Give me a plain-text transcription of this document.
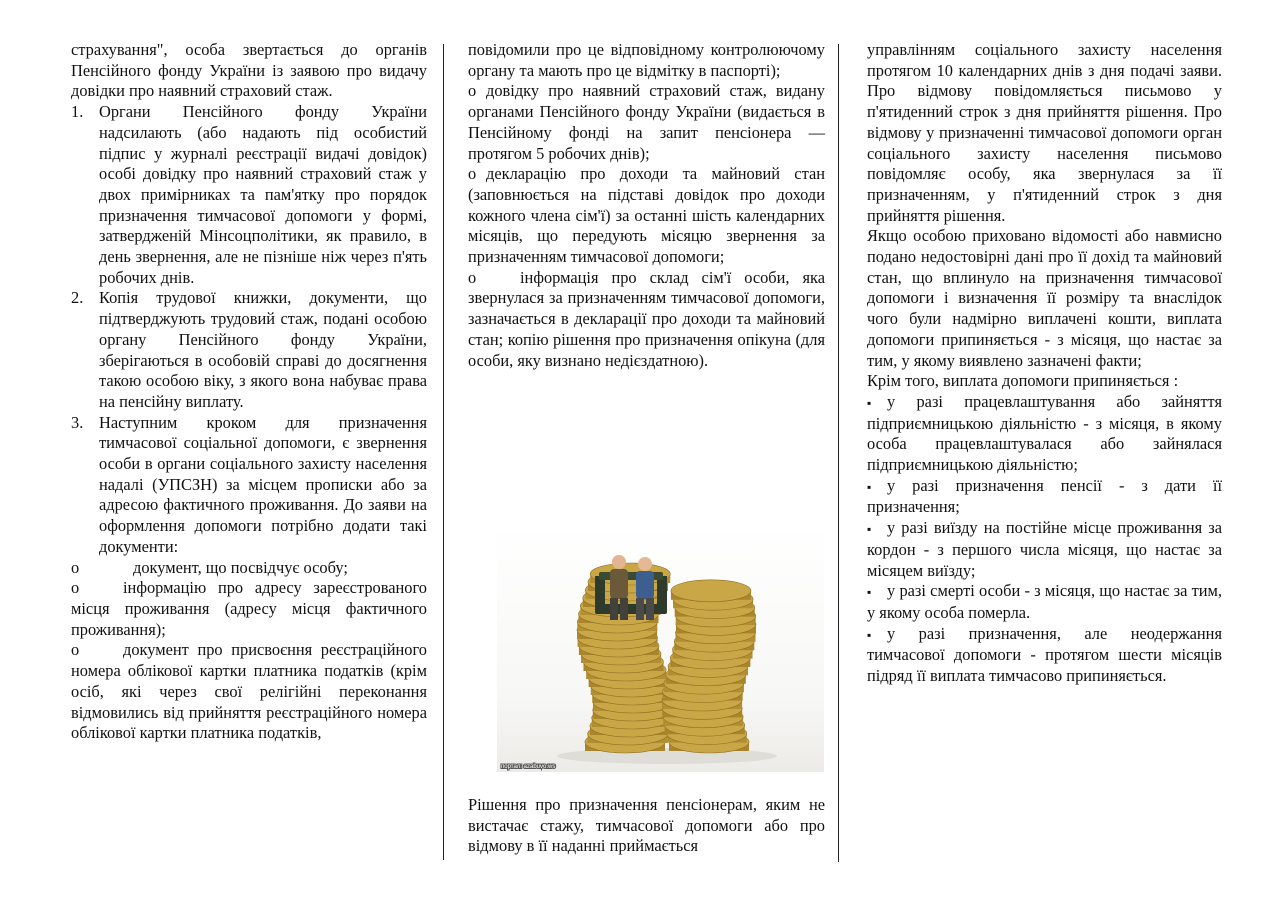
страхування", особа звертається до органів Пенсійного фонду України із заявою про видачу довідки про наявний страховий стаж.

1. Органи Пенсійного фонду України надсилають (або надають під особистий підпис у журналі реєстрації видачі довідок) особі довідку про наявний страховий стаж у двох примірниках та пам'ятку про порядок призначення тимчасової допомоги у формі, затвердженій Мінсоцполітики, як правило, в день звернення, але не пізніше ніж через п'ять робочих днів.
2. Копія трудової книжки, документи, що підтверджують трудовий стаж, подані особою органу Пенсійного фонду України, зберігаються в особовій справі до досягнення такою особою віку, з якого вона набуває права на пенсійну виплату.
3. Наступним кроком для призначення тимчасової соціальної допомоги, є звернення особи в органи соціального захисту населення надалі (УПСЗН) за місцем прописки або за адресою фактичного проживання. До заяви на оформлення допомоги потрібно додати такі документи:

o	документ, що посвідчує особу;

o	інформацію про адресу зареєстрованого місця проживання (адресу місця фактичного проживання);

o	документ про присвоєння реєстраційного номера облікової картки платника податків (крім осіб, які через свої релігійні переконання відмовились від прийняття реєстраційного номера облікової картки платника податків,

повідомили про це відповідному контролюючому органу та мають про це відмітку в паспорті);

o довідку про наявний страховий стаж, видану органами Пенсійного фонду України (видається в Пенсійному фонді на запит пенсіонера — протягом 5 робочих днів);

o декларацію про доходи та майновий стан (заповнюється на підставі довідок про доходи кожного члена сім'ї) за останні шість календарних місяців, що передують місяцю звернення за призначенням тимчасової допомоги;

o	інформація про склад сім'ї особи, яка звернулася за призначенням тимчасової допомоги, зазначається в декларації про доходи та майновий стан; копію рішення про призначення опікуна (для особи, яку визнано недієздатною).

портал: azabuvo.ws
Рішення про призначення пенсіонерам, яким не вистачає стажу, тимчасової допомоги або про відмову в її наданні приймається

управлінням соціального захисту населення протягом 10 календарних днів з дня подачі заяви. Про відмову повідомляється письмово у п'ятиденний строк з дня прийняття рішення. Про відмову у призначенні тимчасової допомоги орган соціального захисту населення письмово повідомляє особу, яка звернулася за її призначенням, у п'ятиденний строк з дня прийняття рішення.

Якщо особою приховано відомості або навмисно подано недостовірні дані про її дохід та майновий стан, що вплинуло на призначення тимчасової допомоги і визначення її розміру та внаслідок чого були надмірно виплачені кошти, виплата допомоги припиняється - з місяця, що настає за тим, у якому виявлено зазначені факти;

Крім того, виплата допомоги припиняється :

▪ у разі працевлаштування або зайняття підприємницькою діяльністю - з місяця, в якому особа працевлаштувалася або зайнялася підприємницькою діяльністю;

▪ у разі призначення пенсії - з дати її призначення;

▪ у разі виїзду на постійне місце проживання за кордон - з першого числа місяця, що настає за місяцем виїзду;

▪ у разі смерті особи - з місяця, що настає за тим, у якому особа померла.

▪ у разі призначення, але неодержання тимчасової допомоги - протягом шести місяців підряд її виплата тимчасово припиняється.
